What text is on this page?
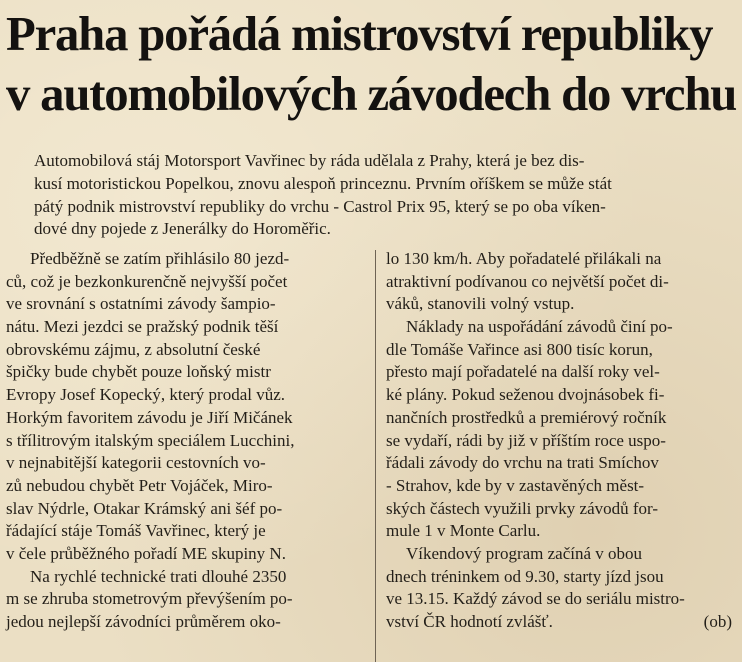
Praha pořádá mistrovství republiky
v automobilových závodech do vrchu
Automobilová stáj Motorsport Vavřinec by ráda udělala z Prahy, která je bez dis-
kusí motoristickou Popelkou, znovu alespoň princeznu. Prvním oříškem se může stát
pátý podnik mistrovství republiky do vrchu - Castrol Prix 95, který se po oba víken-
dové dny pojede z Jenerálky do Horoměřic.
Předběžně se zatím přihlásilo 80 jezd-
ců, což je bezkonkurenčně nejvyšší počet
ve srovnání s ostatními závody šampio-
nátu. Mezi jezdci se pražský podnik těší
obrovskému zájmu, z absolutní české
špičky bude chybět pouze loňský mistr
Evropy Josef Kopecký, který prodal vůz.
Horkým favoritem závodu je Jiří Mičánek
s třílitrovým italským speciálem Lucchini,
v nejnabitější kategorii cestovních vo-
zů nebudou chybět Petr Vojáček, Miro-
slav Nýdrle, Otakar Krámský ani šéf po-
řádající stáje Tomáš Vavřinec, který je
v čele průběžného pořadí ME skupiny N.
Na rychlé technické trati dlouhé 2350
m se zhruba stometrovým převýšením po-
jedou nejlepší závodníci průměrem oko-
lo 130 km/h. Aby pořadatelé přilákali na
atraktivní podívanou co největší počet di-
váků, stanovili volný vstup.
Náklady na uspořádání závodů činí po-
dle Tomáše Vařince asi 800 tisíc korun,
přesto mají pořadatelé na další roky vel-
ké plány. Pokud seženou dvojnásobek fi-
nančních prostředků a premiérový ročník
se vydaří, rádi by již v příštím roce uspo-
řádali závody do vrchu na trati Smíchov
- Strahov, kde by v zastavěných měst-
ských částech využili prvky závodů for-
mule 1 v Monte Carlu.
Víkendový program začíná v obou
dnech tréninkem od 9.30, starty jízd jsou
ve 13.15. Každý závod se do seriálu mistro-
vství ČR hodnotí zvlášť.	(ob)
